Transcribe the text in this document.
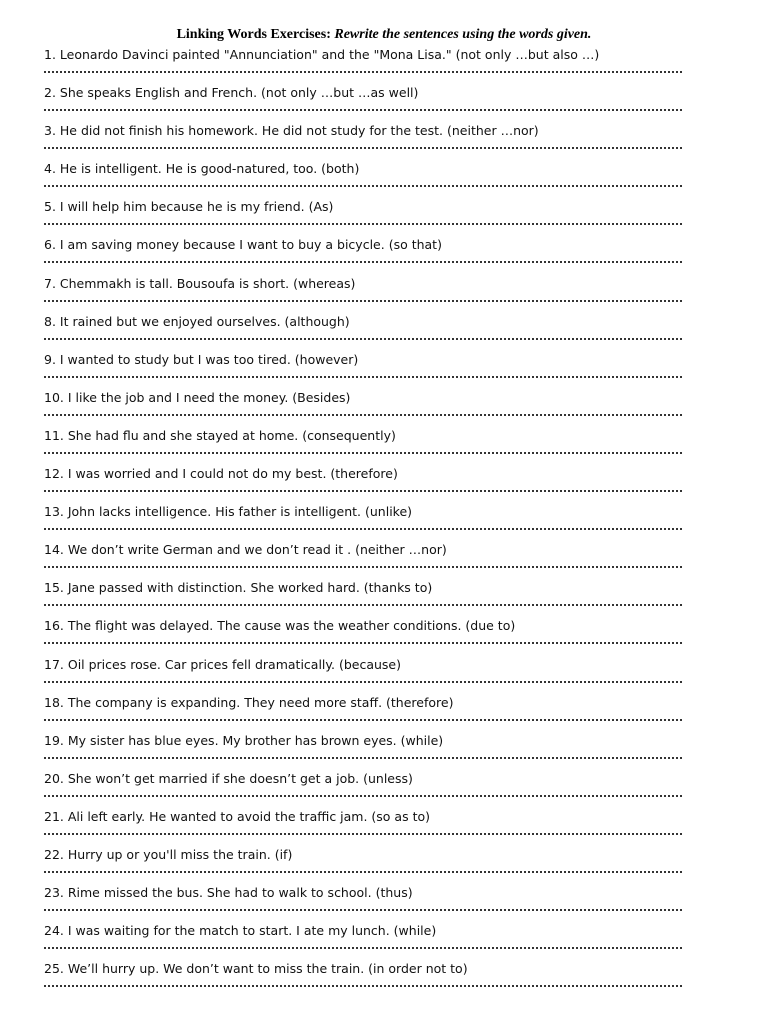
Linking Words Exercises: Rewrite the sentences using the words given.
1. Leonardo Davinci painted "Annunciation" and the "Mona Lisa." (not only …but also …)
2. She speaks English and French. (not only …but …as well)
3. He did not finish his homework. He did not study for the test. (neither …nor)
4. He is intelligent. He is good-natured, too. (both)
5. I will help him because he is my friend. (As)
6. I am saving money because I want to buy a bicycle. (so that)
7. Chemmakh is tall. Bousoufa is short. (whereas)
8. It rained but we enjoyed ourselves. (although)
9. I wanted to study but I was too tired. (however)
10. I like the job and I need the money. (Besides)
11. She had flu and she stayed at home. (consequently)
12. I was worried and I could not do my best. (therefore)
13. John lacks intelligence. His father is intelligent. (unlike)
14. We don’t write German and we don’t read it . (neither …nor)
15. Jane passed with distinction. She worked hard. (thanks to)
16. The flight was delayed. The cause was the weather conditions. (due to)
17. Oil prices rose. Car prices fell dramatically. (because)
18. The company is expanding. They need more staff. (therefore)
19. My sister has blue eyes. My brother has brown eyes. (while)
20. She won’t get married if she doesn’t get a job. (unless)
21. Ali left early. He wanted to avoid the traffic jam. (so as to)
22. Hurry up or you'll miss the train. (if)
23. Rime missed the bus. She had to walk to school. (thus)
24. I was waiting for the match to start. I ate my lunch. (while)
25. We’ll hurry up. We don’t want to miss the train. (in order not to)
